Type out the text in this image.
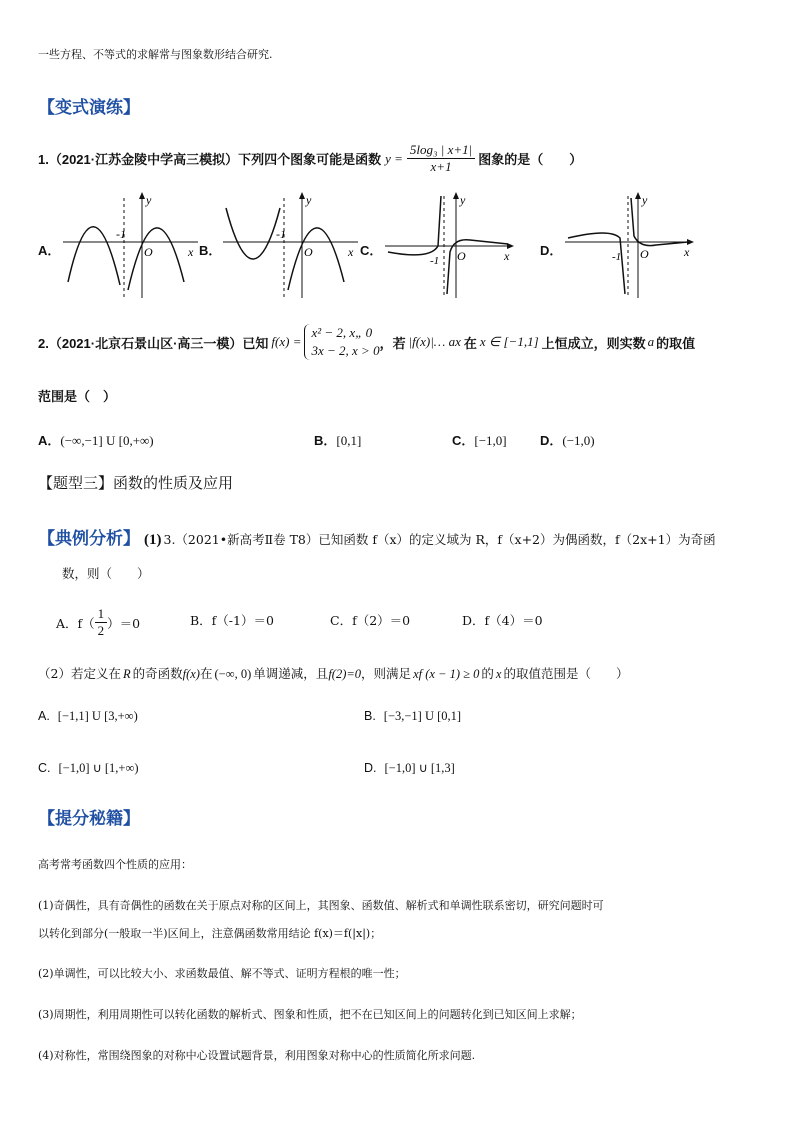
一些方程、不等式的求解常与图象数形结合研究.
【变式演练】
1.（2021·江苏金陵中学高三模拟）下列四个图象可能是函数 $y = \frac{\text{5log₃ | x+1|}}{x+1}$ 图象的是（　　）
A．	B．	C．	D．
y
x
O
-1
y
x
O
-1
y
x
O
-1
y
x
O
-1
2.（2021·北京石景山区·高三一模）已知 f(x) =
x² − 2, x„ 0
3x − 2, x > 0 ，若 |f(x)|… ax 在 x ∈ [−1,1] 上恒成立，则实数 a 的取值
范围是（　）
A．(−∞,−1] U [0,+∞)	B．[0,1]	C．[−1,0]	D．(−1,0)
【题型三】函数的性质及应用
【典例分析】 (1) 3.（2021•新高考Ⅱ卷 T8）已知函数 f（x）的定义域为 R，f（x+2）为偶函数，f（2x+1）为奇函
数，则（　　）
A．$f( \frac{1}{2} )=0$	B．f（-1）＝0	C．f（2）＝0	D．f（4）＝0
（2）若定义在 R 的奇函数 f(x) 在 (−∞, 0) 单调递减，且 f(2)=0 ，则满足 xf (x − 1) ≥ 0 的 x 的取值范围是（　　）
A. [−1,1] U [3,+∞)	B. [−3,−1] U [0,1]
C. [−1,0] ∪ [1,+∞)	D. [−1,0] ∪ [1,3]
【提分秘籍】
高考常考函数四个性质的应用：
(1)奇偶性，具有奇偶性的函数在关于原点对称的区间上，其图象、函数值、解析式和单调性联系密切，研究问题时可
以转化到部分(一般取一半)区间上，注意偶函数常用结论 f(x)＝f(|x|)；
(2)单调性，可以比较大小、求函数最值、解不等式、证明方程根的唯一性；
(3)周期性，利用周期性可以转化函数的解析式、图象和性质，把不在已知区间上的问题转化到已知区间上求解；
(4)对称性，常围绕图象的对称中心设置试题背景，利用图象对称中心的性质简化所求问题.
